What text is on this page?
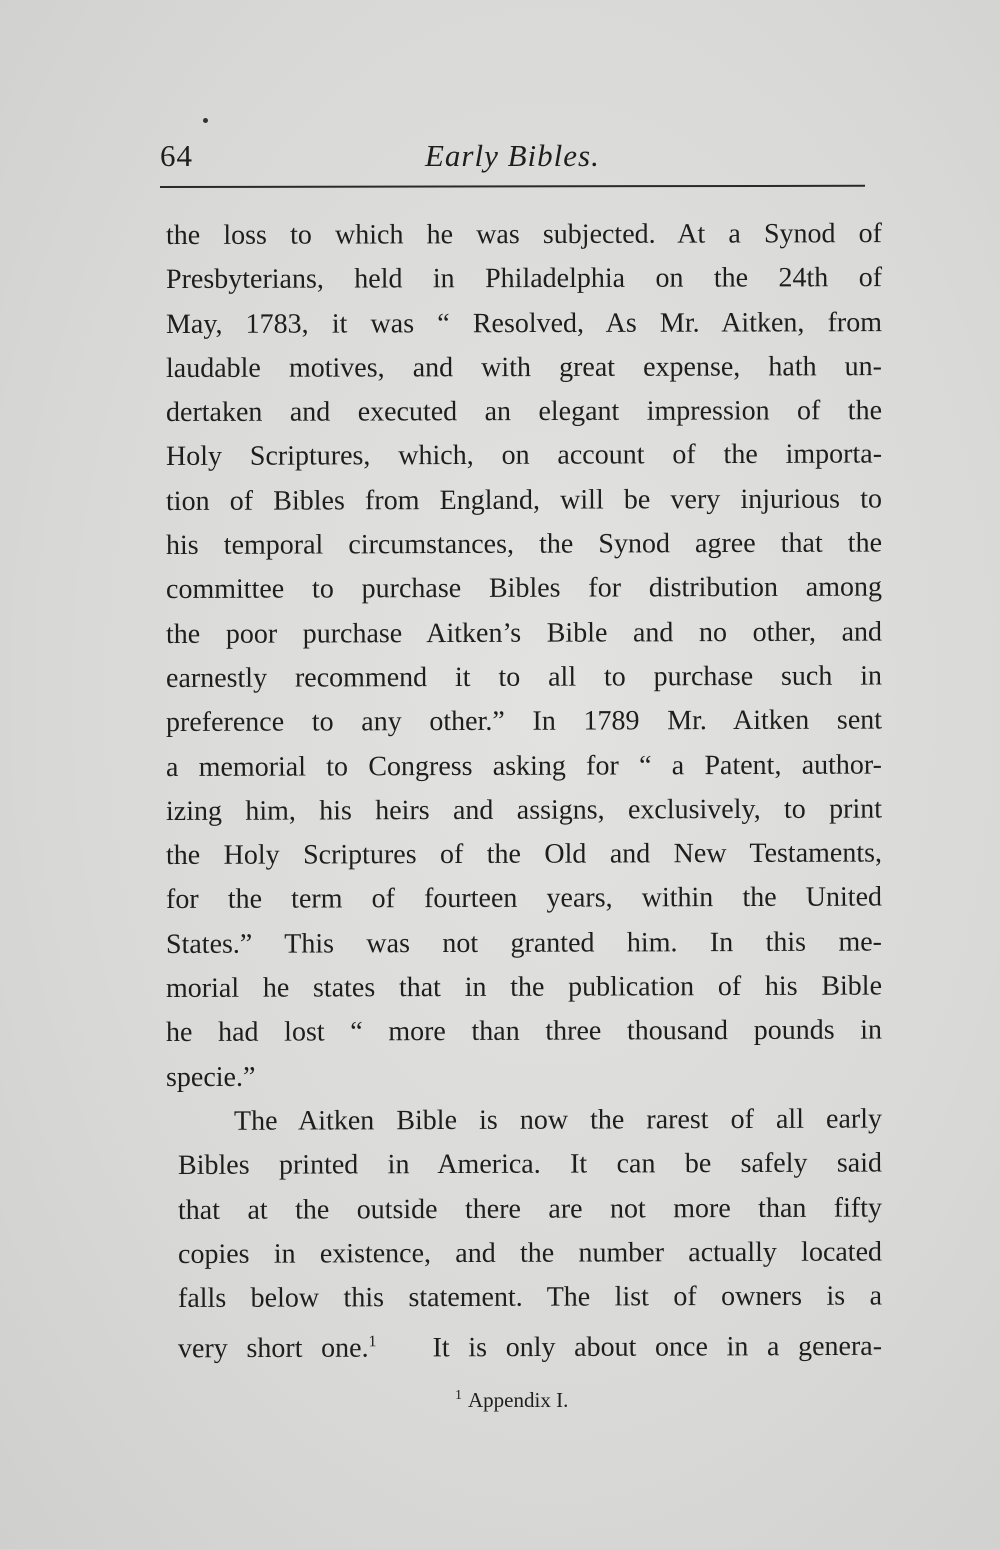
64	Early Bibles.
the loss to which he was subjected. At a Synod of
Presbyterians, held in Philadelphia on the 24th of
May, 1783, it was “ Resolved, As Mr. Aitken, from
laudable motives, and with great expense, hath un-
dertaken and executed an elegant impression of the
Holy Scriptures, which, on account of the importa-
tion of Bibles from England, will be very injurious to
his temporal circumstances, the Synod agree that the
committee to purchase Bibles for distribution among
the poor purchase Aitken’s Bible and no other, and
earnestly recommend it to all to purchase such in
preference to any other.” In 1789 Mr. Aitken sent
a memorial to Congress asking for “ a Patent, author-
izing him, his heirs and assigns, exclusively, to print
the Holy Scriptures of the Old and New Testaments,
for the term of fourteen years, within the United
States.” This was not granted him. In this me-
morial he states that in the publication of his Bible
he had lost “ more than three thousand pounds in
specie.”
The Aitken Bible is now the rarest of all early
Bibles printed in America. It can be safely said
that at the outside there are not more than fifty
copies in existence, and the number actually located
falls below this statement. The list of owners is a
very short one.$^1$ It is only about once in a genera-
$^1$ Appendix I.
